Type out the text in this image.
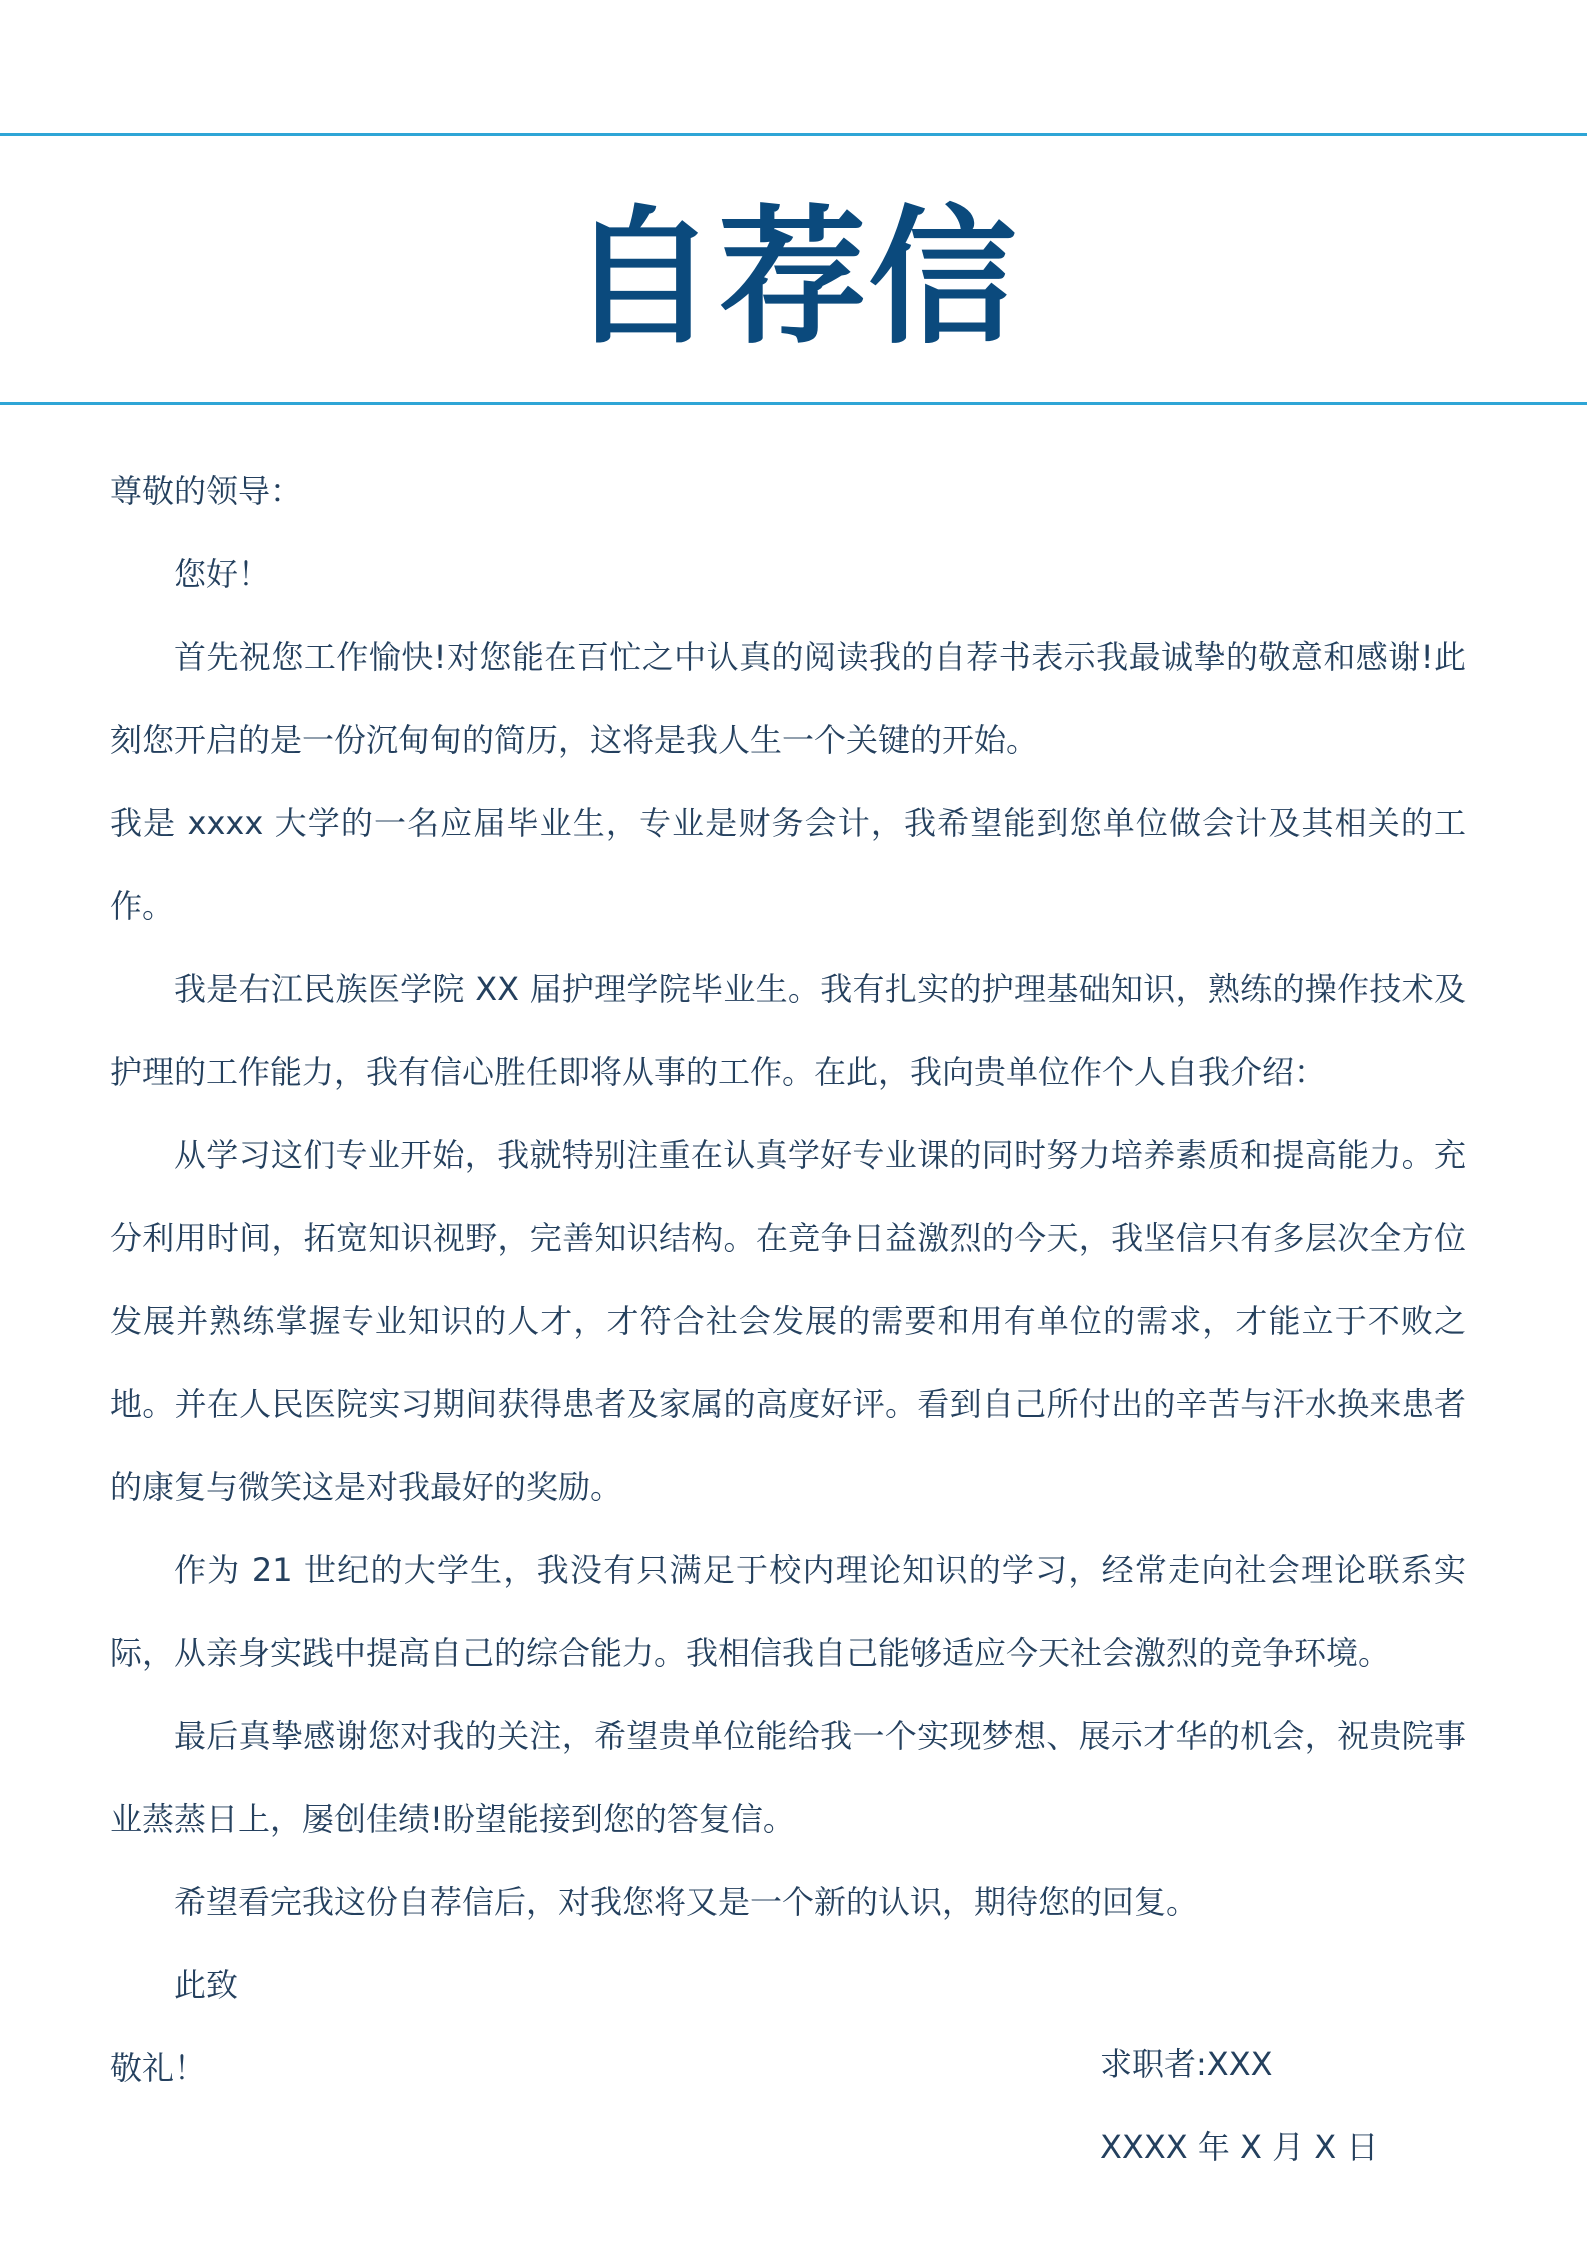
自荐信

尊敬的领导：

您好！

首先祝您工作愉快!对您能在百忙之中认真的阅读我的自荐书表示我最诚挚的敬意和感谢!此刻您开启的是一份沉甸甸的简历，这将是我人生一个关键的开始。

我是 xxxx 大学的一名应届毕业生，专业是财务会计，我希望能到您单位做会计及其相关的工作。

我是右江民族医学院 XX 届护理学院毕业生。我有扎实的护理基础知识，熟练的操作技术及护理的工作能力，我有信心胜任即将从事的工作。在此，我向贵单位作个人自我介绍：

从学习这们专业开始，我就特别注重在认真学好专业课的同时努力培养素质和提高能力。充分利用时间，拓宽知识视野，完善知识结构。在竞争日益激烈的今天，我坚信只有多层次全方位发展并熟练掌握专业知识的人才，才符合社会发展的需要和用有单位的需求，才能立于不败之地。并在人民医院实习期间获得患者及家属的高度好评。看到自己所付出的辛苦与汗水换来患者的康复与微笑这是对我最好的奖励。

作为 21 世纪的大学生，我没有只满足于校内理论知识的学习，经常走向社会理论联系实际，从亲身实践中提高自己的综合能力。我相信我自己能够适应今天社会激烈的竞争环境。

最后真挚感谢您对我的关注，希望贵单位能给我一个实现梦想、展示才华的机会，祝贵院事业蒸蒸日上，屡创佳绩!盼望能接到您的答复信。

希望看完我这份自荐信后，对我您将又是一个新的认识，期待您的回复。

此致

敬礼！	求职者:XXX
XXXX 年 X 月 X 日
